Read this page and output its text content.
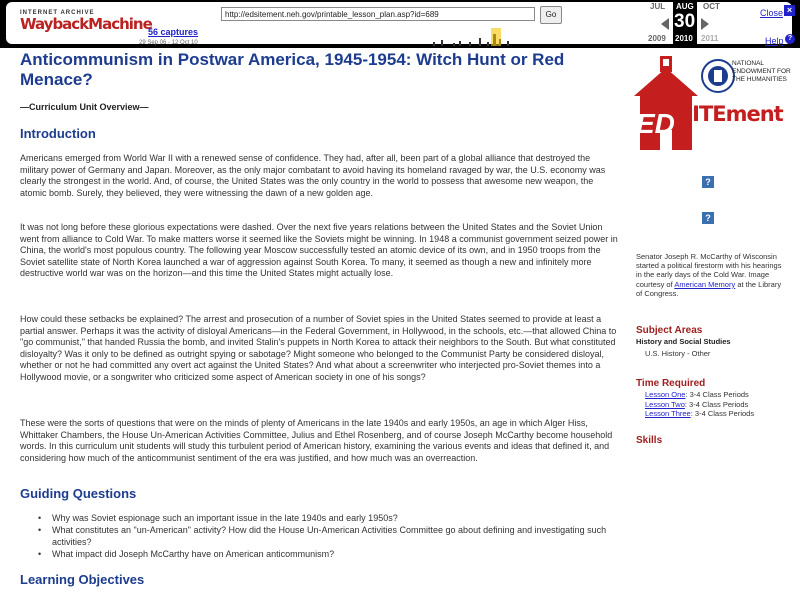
INTERNET ARCHIVE
WaybackMachine
http://edsitement.neh.gov/printable_lesson_plan.asp?id=689	Go
56 captures
29 Sep 06 - 12 Oct 10
JUL AUG OCT
30
2009 2010 2011
Close ×
Help ?
Anticommunism in Postwar America, 1945-1954: Witch Hunt or Red Menace?
—Curriculum Unit Overview—
Introduction

Americans emerged from World War II with a renewed sense of confidence. They had, after all, been part of a global alliance that destroyed the military power of Germany and Japan. Moreover, as the only major combatant to avoid having its homeland ravaged by war, the U.S. economy was clearly the strongest in the world. And, of course, the United States was the only country in the world to possess that awesome new weapon, the atomic bomb. Surely, they believed, they were witnessing the dawn of a new golden age.

It was not long before these glorious expectations were dashed. Over the next five years relations between the United States and the Soviet Union went from alliance to Cold War. To make matters worse it seemed like the Soviets might be winning. In 1948 a communist government seized power in China, the world's most populous country. The following year Moscow successfully tested an atomic device of its own, and in 1950 troops from the Soviet satellite state of North Korea launched a war of aggression against South Korea. To many, it seemed as though a new and infinitely more destructive world war was on the horizon—and this time the United States might actually lose.

How could these setbacks be explained? The arrest and prosecution of a number of Soviet spies in the United States seemed to provide at least a partial answer. Perhaps it was the activity of disloyal Americans—in the Federal Government, in Hollywood, in the schools, etc.—that allowed China to "go communist," that handed Russia the bomb, and invited Stalin's puppets in North Korea to attack their neighbors to the South. But what constituted disloyalty? Was it only to be defined as outright spying or sabotage? Might someone who belonged to the Communist Party be considered disloyal, whether or not he had committed any overt act against the United States? And what about a screenwriter who interjected pro-Soviet themes into a Hollywood movie, or a songwriter who criticized some aspect of American society in one of his songs?

These were the sorts of questions that were on the minds of plenty of Americans in the late 1940s and early 1950s, an age in which Alger Hiss, Whittaker Chambers, the House Un-American Activities Committee, Julius and Ethel Rosenberg, and of course Joseph McCarthy become household words. In this curriculum unit students will study this turbulent period of American history, examining the various events and ideas that defined it, and considering how much of the anticommunist sentiment of the era was justified, and how much was an overreaction.

Guiding Questions
• Why was Soviet espionage such an important issue in the late 1940s and early 1950s?
• What constitutes an "un-American" activity? How did the House Un-American Activities Committee go about defining and investigating such activities?
• What impact did Joseph McCarthy have on American anticommunism?
Learning Objectives
ED SITEment
NATIONAL ENDOWMENT FOR THE HUMANITIES
?
?
Senator Joseph R. McCarthy of Wisconsin started a political firestorm with his hearings in the early days of the Cold War. Image courtesy of American Memory at the Library of Congress.
Subject Areas
History and Social Studies
U.S. History - Other
Time Required
Lesson One: 3-4 Class Periods
Lesson Two: 3-4 Class Periods
Lesson Three: 3-4 Class Periods
Skills
